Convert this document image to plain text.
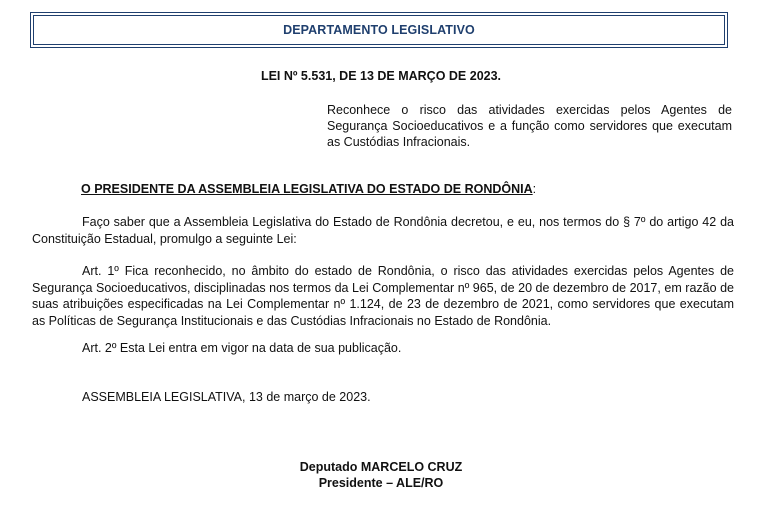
DEPARTAMENTO LEGISLATIVO
LEI Nº 5.531, DE 13 DE MARÇO DE 2023.
Reconhece o risco das atividades exercidas pelos Agentes de Segurança Socioeducativos e a função como servidores que executam as Custódias Infracionais.
O PRESIDENTE DA ASSEMBLEIA LEGISLATIVA DO ESTADO DE RONDÔNIA:
Faço saber que a Assembleia Legislativa do Estado de Rondônia decretou, e eu, nos termos do § 7º do artigo 42 da Constituição Estadual, promulgo a seguinte Lei:
Art. 1º Fica reconhecido, no âmbito do estado de Rondônia, o risco das atividades exercidas pelos Agentes de Segurança Socioeducativos, disciplinadas nos termos da Lei Complementar nº 965, de 20 de dezembro de 2017, em razão de suas atribuições especificadas na Lei Complementar nº 1.124, de 23 de dezembro de 2021, como servidores que executam as Políticas de Segurança Institucionais e das Custódias Infracionais no Estado de Rondônia.
Art. 2º Esta Lei entra em vigor na data de sua publicação.
ASSEMBLEIA LEGISLATIVA, 13 de março de 2023.
Deputado MARCELO CRUZ
Presidente – ALE/RO
